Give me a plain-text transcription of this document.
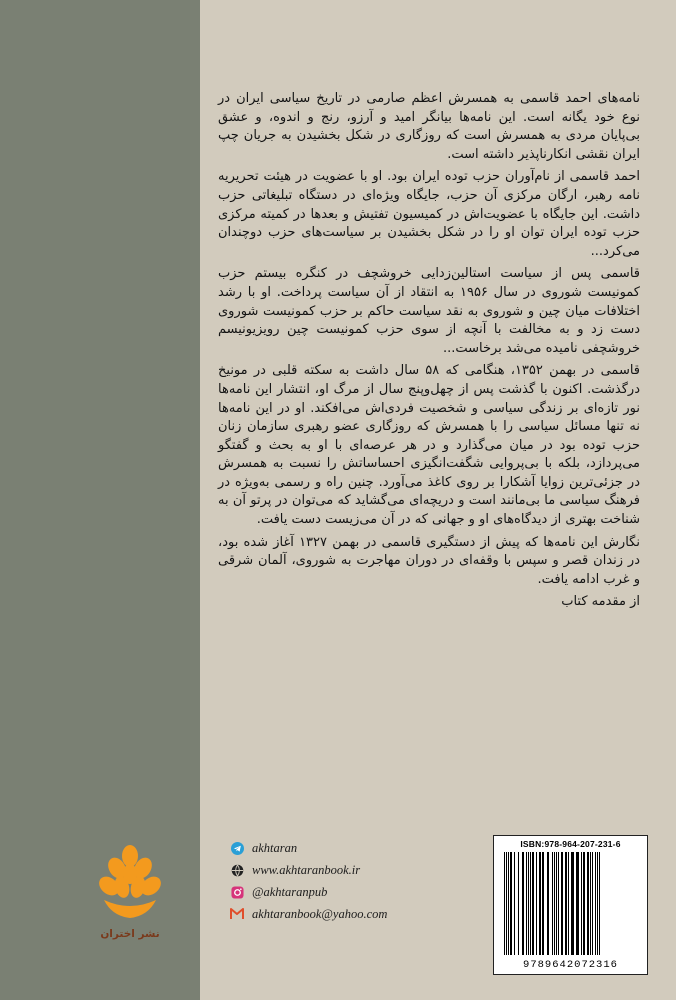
نامه‌های احمد قاسمی به همسرش اعظم صارمی در تاریخ سیاسی ایران در نوع خود یگانه است. این نامه‌ها بیانگر امید و آرزو، رنج و اندوه، و عشق بی‌پایان مردی به همسرش است که روزگاری در شکل بخشیدن به جریان چپ ایران نقشی انکارناپذیر داشته است.

احمد قاسمی از نام‌آوران حزب توده ایران بود. او با عضویت در هیئت تحریریه نامه رهبر، ارگان مرکزی آن حزب، جایگاه ویژه‌ای در دستگاه تبلیغاتی حزب داشت. این جایگاه با عضویت‌اش در کمیسیون تفتیش و بعدها در کمیته مرکزی حزب توده ایران توان او را در شکل بخشیدن بر سیاست‌های حزب دوچندان می‌کرد...

قاسمی پس از سیاست استالین‌زدایی خروشچف در کنگره بیستم حزب کمونیست شوروی در سال ۱۹۵۶ به انتقاد از آن سیاست پرداخت. او با رشد اختلافات میان چین و شوروی به نقد سیاست حاکم بر حزب کمونیست شوروی دست زد و به مخالفت با آنچه از سوی حزب کمونیست چین رویزیونیسم خروشچفی نامیده می‌شد برخاست...

قاسمی در بهمن ۱۳۵۲، هنگامی که ۵۸ سال داشت به سکته قلبی در مونیخ درگذشت. اکنون با گذشت پس از چهل‌وپنج سال از مرگ او، انتشار این نامه‌ها نور تازه‌ای بر زندگی سیاسی و شخصیت فردی‌اش می‌افکند. او در این نامه‌ها نه تنها مسائل سیاسی را با همسرش که روزگاری عضو رهبری سازمان زنان حزب توده بود در میان می‌گذارد و در هر عرصه‌ای با او به بحث و گفتگو می‌پردازد، بلکه با بی‌پروایی شگفت‌انگیزی احساساتش را نسبت به همسرش در جزئی‌ترین زوایا آشکارا بر روی کاغذ می‌آورد. چنین راه و رسمی به‌ویژه در فرهنگ سیاسی ما بی‌مانند است و دریچه‌ای می‌گشاید که می‌توان در پرتو آن به شناخت بهتری از دیدگاه‌های او و جهانی که در آن می‌زیست دست یافت.

نگارش این نامه‌ها که پیش از دستگیری قاسمی در بهمن ۱۳۲۷ آغاز شده بود، در زندان قصر و سپس با وقفه‌ای در دوران مهاجرت به شوروی، آلمان شرقی و غرب ادامه یافت.

از مقدمه کتاب

نشر اختران
akhtaran
www.akhtaranbook.ir
@akhtaranpub
akhtaranbook@yahoo.com
ISBN:978-964-207-231-6
9789642072316
